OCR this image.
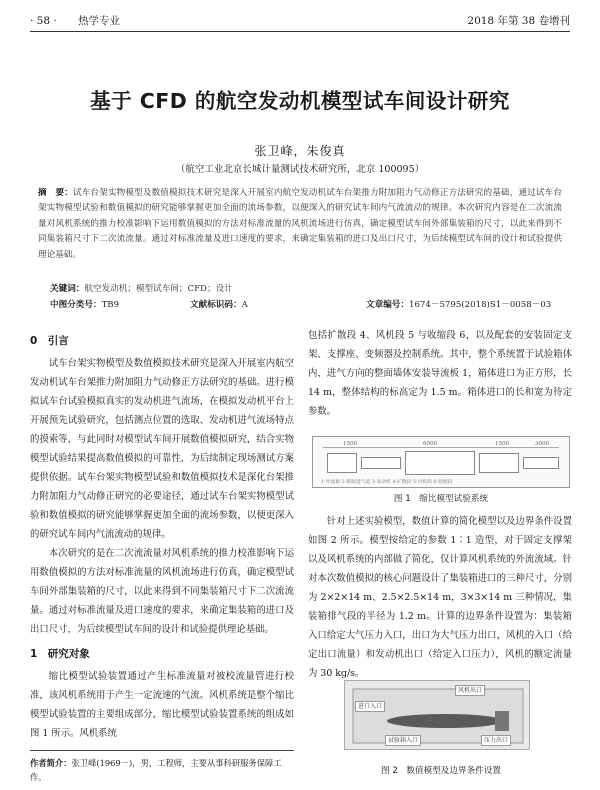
· 58 · 热学专业	2018 年第 38 卷增刊
基于 CFD 的航空发动机模型试车间设计研究
张卫峰，朱俊真
（航空工业北京长城计量测试技术研究所，北京 100095）
摘　要：试车台架实物模型及数值模拟技术研究是深入开展室内航空发动机试车台架推力附加阻力气动修正方法研究的基础，通过试车台架实物模型试验和数值模拟的研究能够掌握更加全面的流场参数，以便深入的研究试车间内气流流动的规律。本次研究内容是在二次流流量对风机系统的推力校准影响下运用数值模拟的方法对标准流量的风机流场进行仿真，确定模型试车间外部集装箱的尺寸，以此来得到不同集装箱尺寸下二次流流量。通过对标准流量及进口速度的要求，来确定集装箱的进口及出口尺寸，为后续模型试车间的设计和试验提供理论基础。
关键词：航空发动机；模型试车间；CFD；设计
中图分类号：TB9	文献标识码：A	文章编号：1674－5795(2018)S1－0058－03
0　引言

试车台架实物模型及数值模拟技术研究是深入开展室内航空发动机试车台架推力附加阻力气动修正方法研究的基础。进行模拟试车台试验模拟真实的发动机进气流场，在模拟发动机平台上开展预先试验研究，包括测点位置的选取、发动机进气流场特点的摸索等，与此同时对模型试车间开展数值模拟研究，结合实物模型试验结果提高数值模拟的可靠性，为后续制定现场测试方案提供依据。试车台架实物模型试验和数值模拟技术是深化台架推力附加阻力气动修正研究的必要途径，通过试车台架实物模型试验和数值模拟的研究能够掌握更加全面的流场参数，以便更深入的研究试车间内气流流动的规律。

本次研究的是在二次流流量对风机系统的推力校准影响下运用数值模拟的方法对标准流量的风机流场进行仿真，确定模型试车间外部集装箱的尺寸，以此来得到不同集装箱尺寸下二次流流量。通过对标准流量及进口速度的要求，来确定集装箱的进口及出口尺寸，为后续模型试车间的设计和试验提供理论基础。

1　研究对象

缩比模型试验装置通过产生标准流量对被校流量管进行校准，该风机系统用于产生一定流速的气流。风机系统是整个缩比模型试验装置的主要组成部分，缩比模型试验装置系统的组成如图 1 所示。风机系统

包括扩散段 4、风机段 5 与收缩段 6，以及配套的安装固定支架、支撑座、变频器及控制系统。其中，整个系统置于试验箱体内，进气方向的整面墙体安装导流板 1，箱体进口为正方形，长 14 m，整体结构的标高定为 1.5 m。箱体进口的长和宽为待定参数。

1500	6000	1500	3000
1-导流板 2-模拟进气道 3-发动机 4-扩散段 5-风机段 6-收缩段
图 1　缩比模型试验系统

针对上述实验模型，数值计算的简化模型以及边界条件设置如图 2 所示。模型按给定的参数 1∶1 造型，对于固定支撑架以及风机系统的内部做了简化，仅计算风机系统的外流流域。针对本次数值模拟的核心问题设计了集装箱进口的三种尺寸，分别为 2×2×14 m、2.5×2.5×14 m，3×3×14 m 三种情况，集装箱排气段的半径为 1.2 m。计算的边界条件设置为：集装箱入口给定大气压力入口，出口为大气压力出口，风机的入口（给定出口流量）和发动机出口（给定入口压力），风机的额定流量为 30 kg/s。

风机出口
进口入口
试验箱入口	压力出口
图 2　数值模型及边界条件设置
作者简介：张卫峰(1969－)，男，工程师，主要从事科研服务保障工作。
